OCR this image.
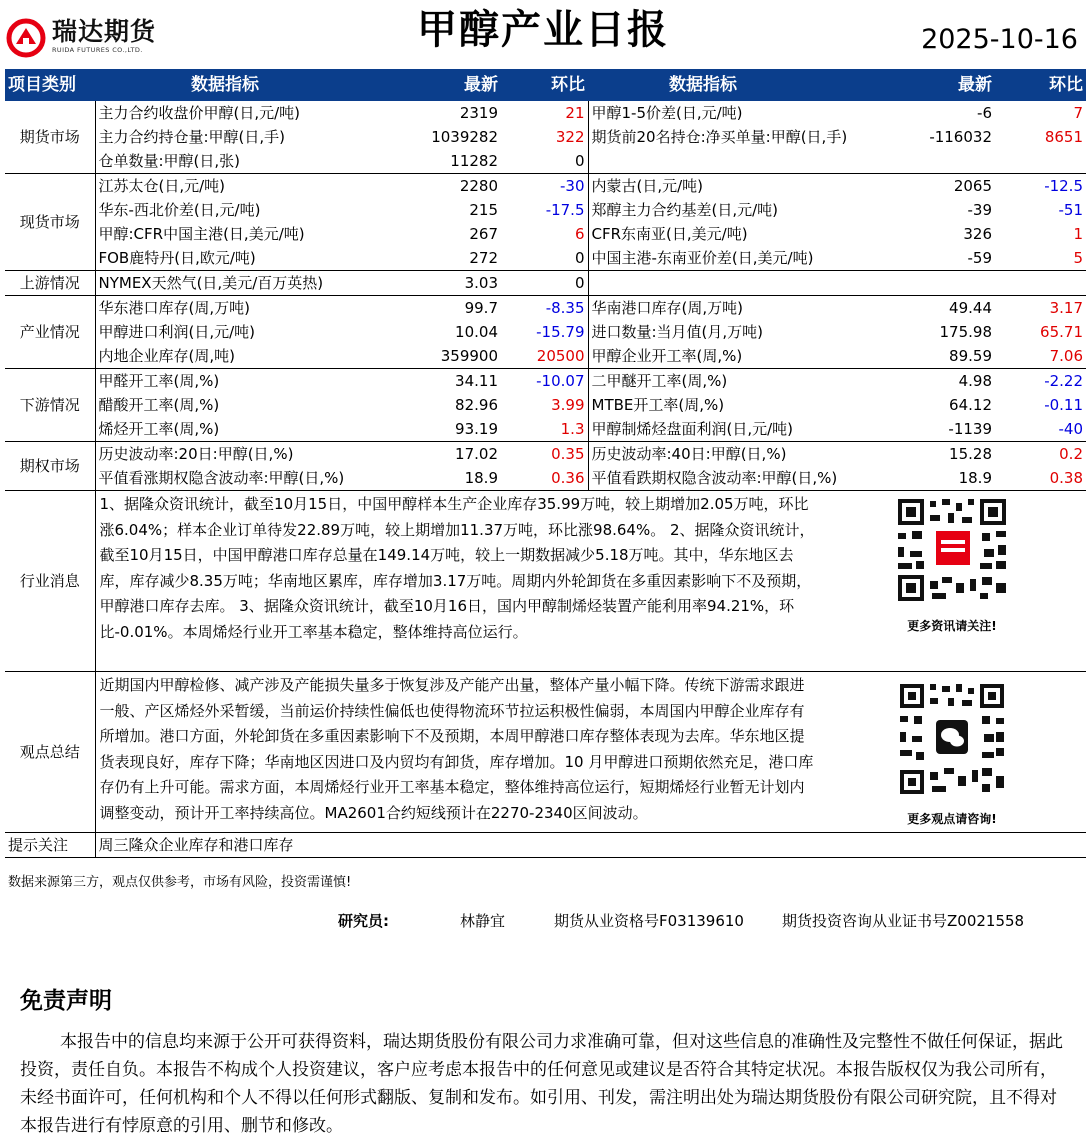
瑞达期货
RUIDA FUTURES CO.,LTD.	甲醇产业日报	2025-10-16
项目类别	数据指标	最新	环比	数据指标	最新	环比
期货市场	主力合约收盘价甲醇(日,元/吨)	2319	21	甲醇1-5价差(日,元/吨)	-6	7
	主力合约持仓量:甲醇(日,手)	1039282	322	期货前20名持仓:净买单量:甲醇(日,手)	-116032	8651
	仓单数量:甲醇(日,张)	11282	0			
现货市场	江苏太仓(日,元/吨)	2280	-30	内蒙古(日,元/吨)	2065	-12.5
	华东-西北价差(日,元/吨)	215	-17.5	郑醇主力合约基差(日,元/吨)	-39	-51
	甲醇:CFR中国主港(日,美元/吨)	267	6	CFR东南亚(日,美元/吨)	326	1
	FOB鹿特丹(日,欧元/吨)	272	0	中国主港-东南亚价差(日,美元/吨)	-59	5
上游情况	NYMEX天然气(日,美元/百万英热)	3.03	0			
产业情况	华东港口库存(周,万吨)	99.7	-8.35	华南港口库存(周,万吨)	49.44	3.17
	甲醇进口利润(日,元/吨)	10.04	-15.79	进口数量:当月值(月,万吨)	175.98	65.71
	内地企业库存(周,吨)	359900	20500	甲醇企业开工率(周,%)	89.59	7.06
下游情况	甲醛开工率(周,%)	34.11	-10.07	二甲醚开工率(周,%)	4.98	-2.22
	醋酸开工率(周,%)	82.96	3.99	MTBE开工率(周,%)	64.12	-0.11
	烯烃开工率(周,%)	93.19	1.3	甲醇制烯烃盘面利润(日,元/吨)	-1139	-40
期权市场	历史波动率:20日:甲醇(日,%)	17.02	0.35	历史波动率:40日:甲醇(日,%)	15.28	0.2
	平值看涨期权隐含波动率:甲醇(日,%)	18.9	0.36	平值看跌期权隐含波动率:甲醇(日,%)	18.9	0.38
行业消息	1、据隆众资讯统计，截至10月15日，中国甲醇样本生产企业库存35.99万吨，较上期增加2.05万吨，环比涨6.04%；样本企业订单待发22.89万吨，较上期增加11.37万吨，环比涨98.64%。 2、据隆众资讯统计，截至10月15日，中国甲醇港口库存总量在149.14万吨，较上一期数据减少5.18万吨。其中，华东地区去库，库存减少8.35万吨；华南地区累库，库存增加3.17万吨。周期内外轮卸货在多重因素影响下不及预期，甲醇港口库存去库。 3、据隆众资讯统计，截至10月16日，国内甲醇制烯烃装置产能利用率94.21%，环比-0.01%。本周烯烃行业开工率基本稳定，整体维持高位运行。				更多资讯请关注!	

观点总结	近期国内甲醇检修、减产涉及产能损失量多于恢复涉及产能产出量，整体产量小幅下降。传统下游需求跟进一般、产区烯烃外采暂缓，当前运价持续性偏低也使得物流环节拉运积极性偏弱，本周国内甲醇企业库存有所增加。港口方面，外轮卸货在多重因素影响下不及预期，本周甲醇港口库存整体表现为去库。华东地区提货表现良好，库存下降；华南地区因进口及内贸均有卸货，库存增加。10 月甲醇进口预期依然充足，港口库存仍有上升可能。需求方面，本周烯烃行业开工率基本稳定，整体维持高位运行，短期烯烃行业暂无计划内调整变动，预计开工率持续高位。MA2601合约短线预计在2270-2340区间波动。				更多观点请咨询!	

提示关注	周三隆众企业库存和港口库存					
数据来源第三方，观点仅供参考，市场有风险，投资需谨慎!
研究员:	林静宜	期货从业资格号F03139610	期货投资咨询从业证书号Z0021558
免责声明
本报告中的信息均来源于公开可获得资料，瑞达期货股份有限公司力求准确可靠，但对这些信息的准确性及完整性不做任何保证，据此投资，责任自负。本报告不构成个人投资建议，客户应考虑本报告中的任何意见或建议是否符合其特定状况。本报告版权仅为我公司所有，未经书面许可，任何机构和个人不得以任何形式翻版、复制和发布。如引用、刊发，需注明出处为瑞达期货股份有限公司研究院，且不得对本报告进行有悖原意的引用、删节和修改。
